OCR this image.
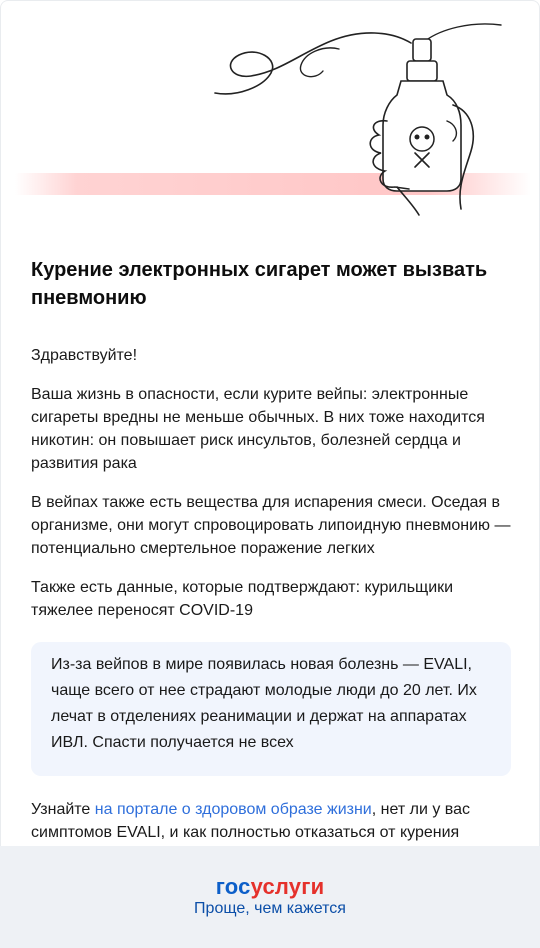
Курение электронных сигарет может вызвать пневмонию

Здравствуйте!

Ваша жизнь в опасности, если курите вейпы: электронные сигареты вредны не меньше обычных. В них тоже находится никотин: он повышает риск инсультов, болезней сердца и развития рака

В вейпах также есть вещества для испарения смеси. Оседая в организме, они могут спровоцировать липоидную пневмонию — потенциально смертельное поражение легких

Также есть данные, которые подтверждают: курильщики тяжелее переносят COVID-19

Из-за вейпов в мире появилась новая болезнь — EVALI, чаще всего от нее страдают молодые люди до 20 лет. Их лечат в отделениях реанимации и держат на аппаратах ИВЛ. Спасти получается не всех

Узнайте на портале о здоровом образе жизни, нет ли у вас симптомов EVALI, и как полностью отказаться от курения

госуслуги
Проще, чем кажется
